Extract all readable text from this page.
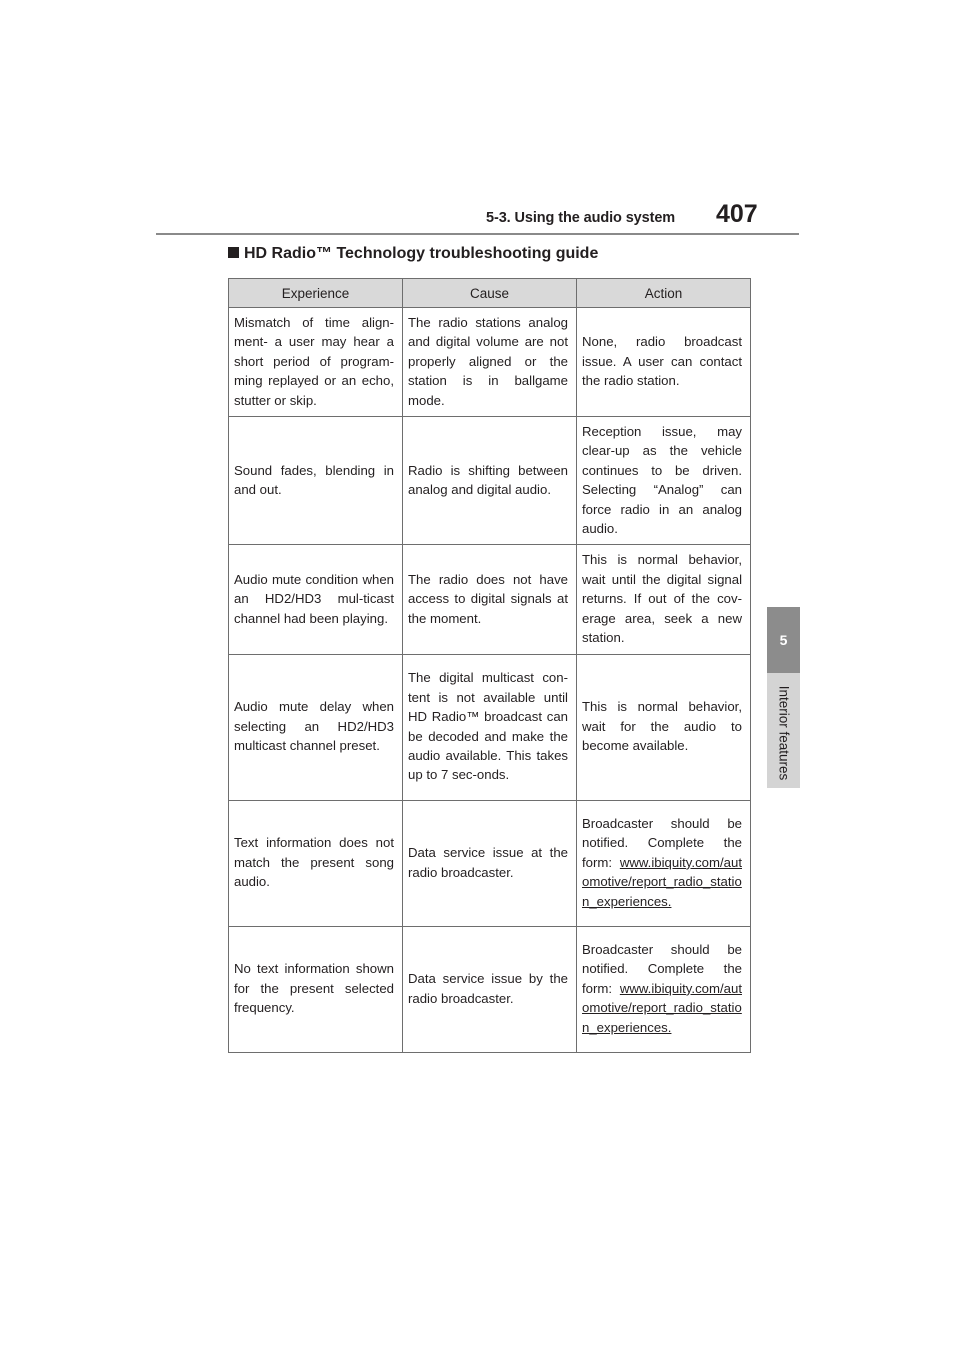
5-3. Using the audio system 407
5
Interior features
HD Radio™ Technology troubleshooting guide
Experience	Cause	Action
Mismatch of time align-ment- a user may hear a short period of program-ming replayed or an echo, stutter or skip.	The radio stations analog and digital volume are not properly aligned or the station is in ballgame mode.	None, radio broadcast issue. A user can contact the radio station.
Sound fades, blending in and out.	Radio is shifting between analog and digital audio.	Reception issue, may clear-up as the vehicle continues to be driven. Selecting “Analog” can force radio in an analog audio.
Audio mute condition when an HD2/HD3 mul-ticast channel had been playing.	The radio does not have access to digital signals at the moment.	This is normal behavior, wait until the digital signal returns. If out of the cov-erage area, seek a new station.
Audio mute delay when selecting an HD2/HD3 multicast channel preset.	The digital multicast con-tent is not available until HD Radio™ broadcast can be decoded and make the audio available. This takes up to 7 sec-onds.	This is normal behavior, wait for the audio to become available.
Text information does not match the present song audio.	Data service issue at the radio broadcaster.	Broadcaster should be notified. Complete the form: www.ibiquity.com/automotive/report_radio_station_experiences.
No text information shown for the present selected frequency.	Data service issue by the radio broadcaster.	Broadcaster should be notified. Complete the form: www.ibiquity.com/automotive/report_radio_station_experiences.
